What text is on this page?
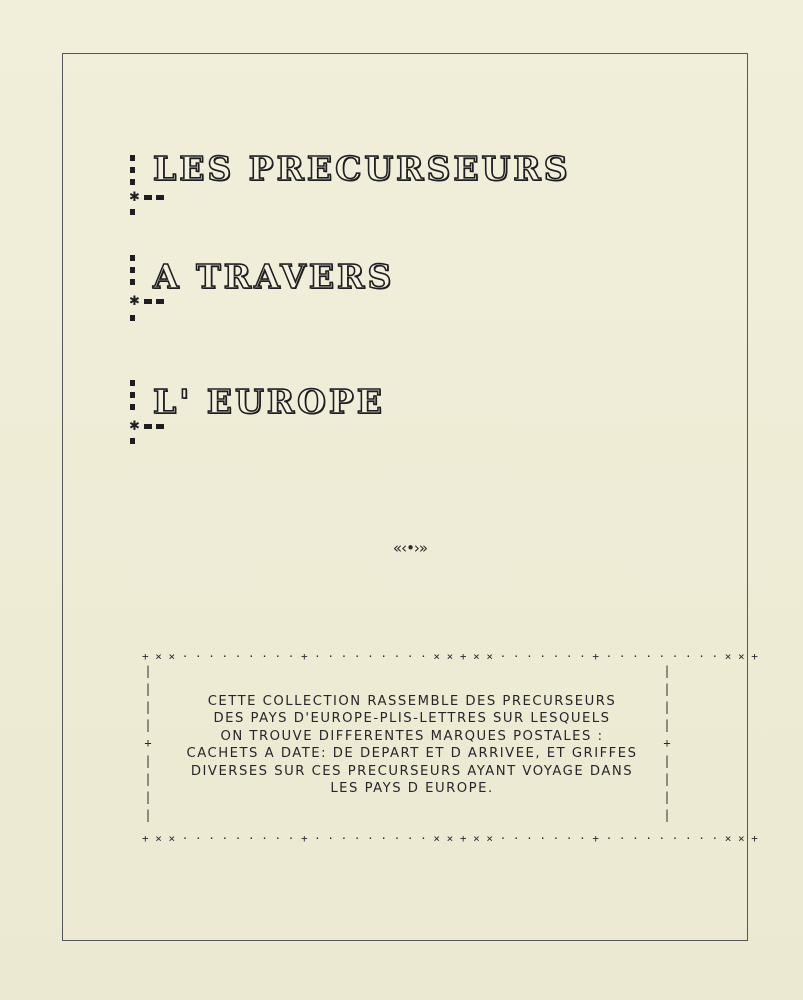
✱
LES PRECURSEURS
✱
A TRAVERS
✱
L' EUROPE
«‹•›»
+ × × · · · · · · · · · + · · · · · · · · · × × + × × · · · · · · · + · · · · · · · · · × × +
+ × × · · · · · · · · · + · · · · · · · · · × × + × × · · · · · · · + · · · · · · · · · × × +
|
|
|
|
+
|
|
|
|
|
|
|
|
+
|
|
|
|
CETTE COLLECTION RASSEMBLE DES PRECURSEURS
DES PAYS D'EUROPE-PLIS-LETTRES SUR LESQUELS
ON TROUVE DIFFERENTES MARQUES POSTALES :
CACHETS A DATE: DE DEPART ET D ARRIVEE, ET GRIFFES
DIVERSES SUR CES PRECURSEURS AYANT VOYAGE DANS
LES PAYS D EUROPE.
